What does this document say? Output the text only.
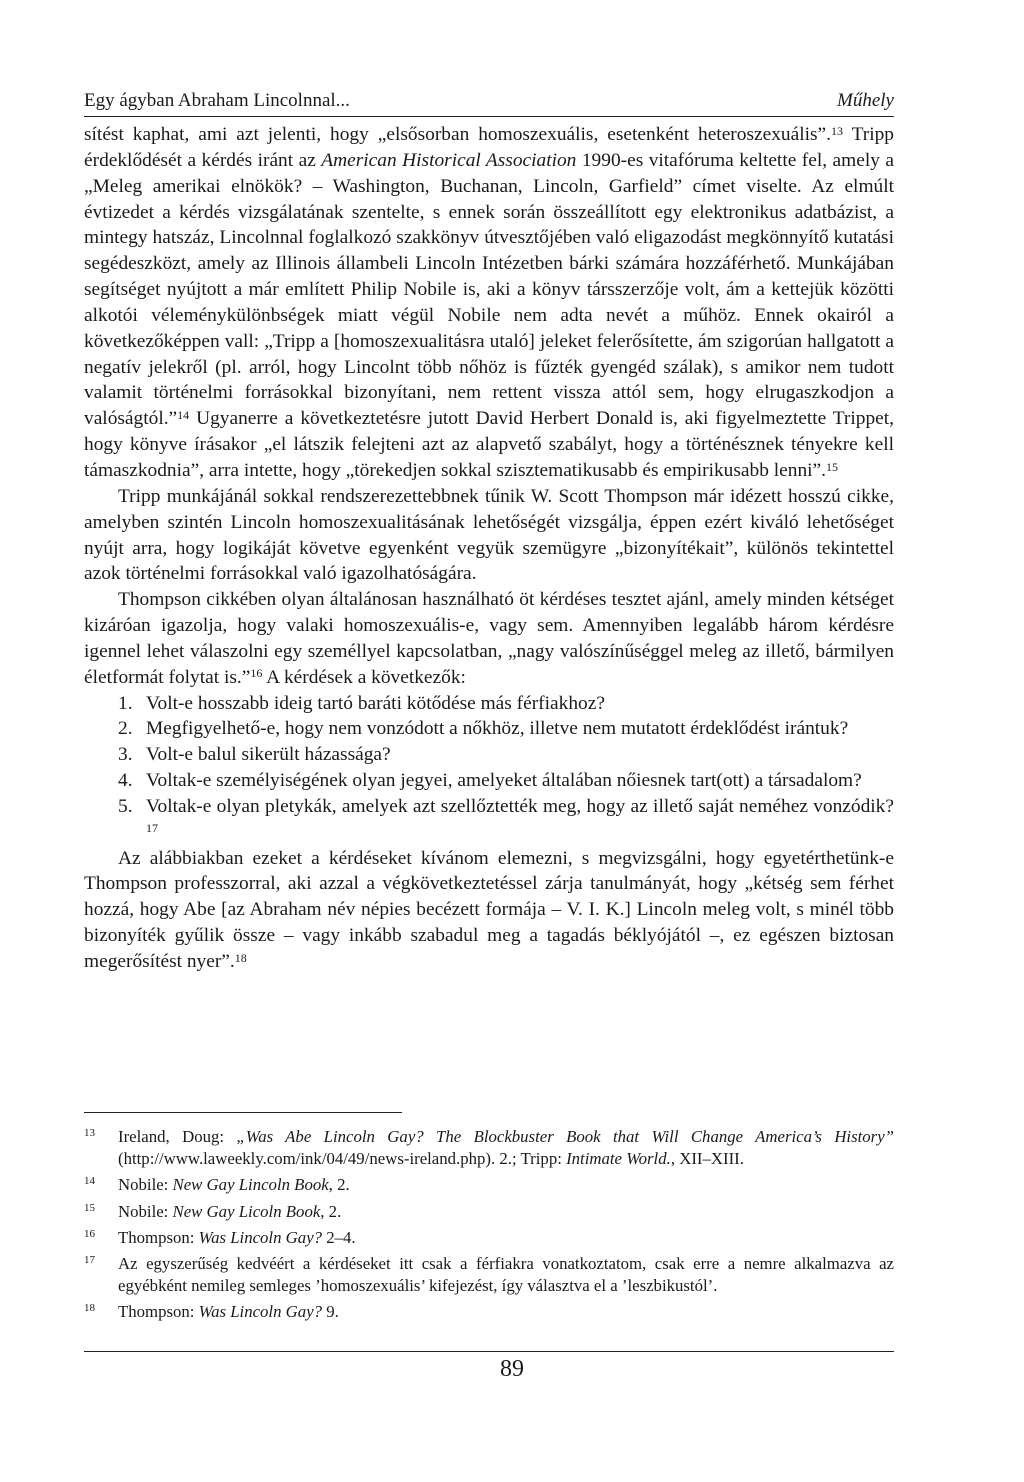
Egy ágyban Abraham Lincolnnal...	Műhely

sítést kaphat, ami azt jelenti, hogy „elsősorban homoszexuális, esetenként heteroszexuális”.$^{13}$ Tripp érdeklődését a kérdés iránt az American Historical Association 1990-es vitafóruma keltette fel, amely a „Meleg amerikai elnökök? – Washington, Buchanan, Lincoln, Garfield” címet viselte. Az elmúlt évtizedet a kérdés vizsgálatának szentelte, s ennek során összeállított egy elektronikus adatbázist, a mintegy hatszáz, Lincolnnal foglalkozó szakkönyv útvesztőjében való eligazodást megkönnyítő kutatási segédeszközt, amely az Illinois állambeli Lincoln Intézetben bárki számára hozzáférhető. Munkájában segítséget nyújtott a már említett Philip Nobile is, aki a könyv társszerzője volt, ám a kettejük közötti alkotói véleménykülönbségek miatt végül Nobile nem adta nevét a műhöz. Ennek okairól a következőképpen vall: „Tripp a [homoszexualitásra utaló] jeleket felerősítette, ám szigorúan hallgatott a negatív jelekről (pl. arról, hogy Lincolnt több nőhöz is fűzték gyengéd szálak), s amikor nem tudott valamit történelmi forrásokkal bizonyítani, nem rettent vissza attól sem, hogy elrugaszkodjon a valóságtól.”$^{14}$ Ugyanerre a következtetésre jutott David Herbert Donald is, aki figyelmeztette Trippet, hogy könyve írásakor „el látszik felejteni azt az alapvető szabályt, hogy a történésznek tényekre kell támaszkodnia”, arra intette, hogy „törekedjen sokkal szisztematikusabb és empirikusabb lenni”.$^{15}$

Tripp munkájánál sokkal rendszerezettebbnek tűnik W. Scott Thompson már idézett hosszú cikke, amelyben szintén Lincoln homoszexualitásának lehetőségét vizsgálja, éppen ezért kiváló lehetőséget nyújt arra, hogy logikáját követve egyenként vegyük szemügyre „bizonyítékait”, különös tekintettel azok történelmi forrásokkal való igazolhatóságára.

Thompson cikkében olyan általánosan használható öt kérdéses tesztet ajánl, amely minden kétséget kizáróan igazolja, hogy valaki homoszexuális-e, vagy sem. Amennyiben legalább három kérdésre igennel lehet válaszolni egy személlyel kapcsolatban, „nagy valószínűséggel meleg az illető, bármilyen életformát folytat is.”$^{16}$ A kérdések a következők:

1. Volt-e hosszabb ideig tartó baráti kötődése más férfiakhoz?
2. Megfigyelhető-e, hogy nem vonzódott a nőkhöz, illetve nem mutatott érdeklődést irántuk?
3. Volt-e balul sikerült házassága?
4. Voltak-e személyiségének olyan jegyei, amelyeket általában nőiesnek tart(ott) a társadalom?
5. Voltak-e olyan pletykák, amelyek azt szellőztették meg, hogy az illető saját neméhez vonzódik?$^{17}$

Az alábbiakban ezeket a kérdéseket kívánom elemezni, s megvizsgálni, hogy egyetérthetünk-e Thompson professzorral, aki azzal a végkövetkeztetéssel zárja tanulmányát, hogy „kétség sem férhet hozzá, hogy Abe [az Abraham név népies becézett formája – V. I. K.] Lincoln meleg volt, s minél több bizonyíték gyűlik össze – vagy inkább szabadul meg a tagadás béklyójától –, ez egészen biztosan megerősítést nyer”.$^{18}$

13 Ireland, Doug: „Was Abe Lincoln Gay? The Blockbuster Book that Will Change America’s History” (http://www.laweekly.com/ink/04/49/news-ireland.php). 2.; Tripp: Intimate World., XII–XIII.
14 Nobile: New Gay Lincoln Book, 2.
15 Nobile: New Gay Licoln Book, 2.
16 Thompson: Was Lincoln Gay? 2–4.
17 Az egyszerűség kedvéért a kérdéseket itt csak a férfiakra vonatkoztatom, csak erre a nemre alkalmazva az egyébként nemileg semleges ’homoszexuális’ kifejezést, így választva el a ’leszbikustól’.
18 Thompson: Was Lincoln Gay? 9.
89
